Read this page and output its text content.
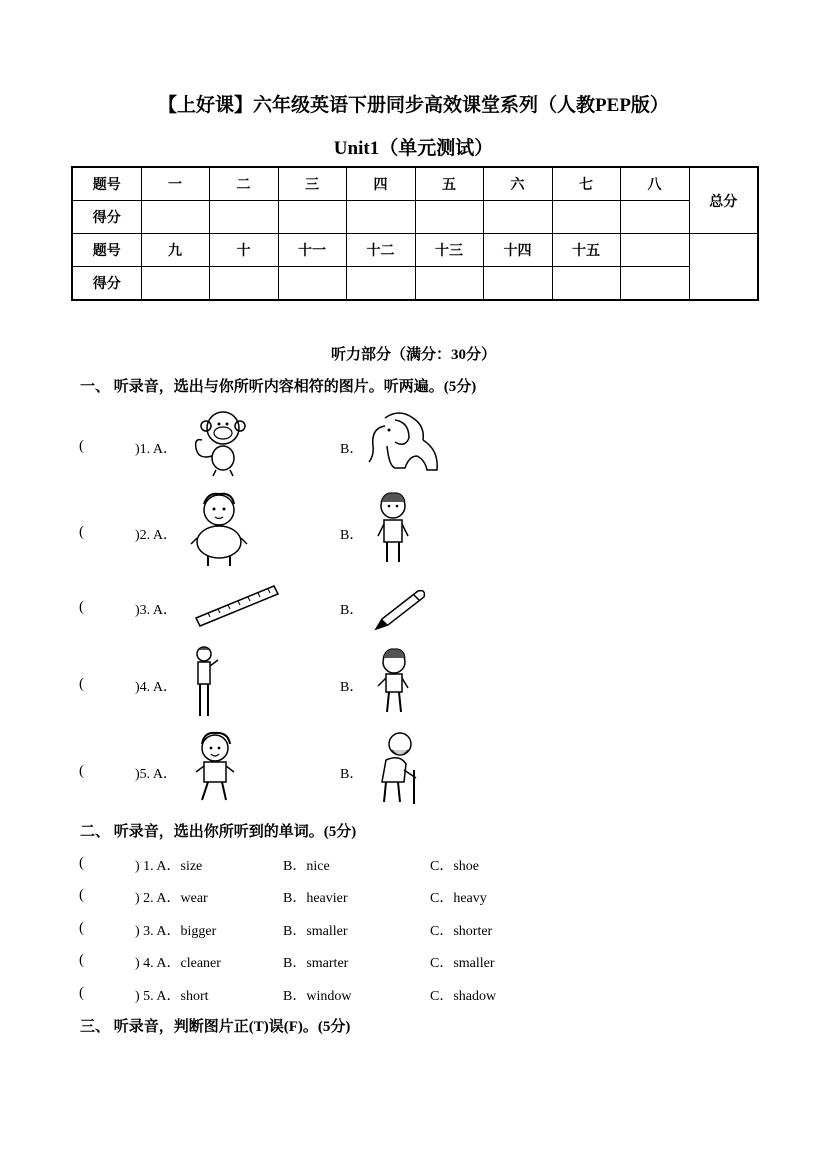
【上好课】六年级英语下册同步高效课堂系列（人教PEP版）
Unit1（单元测试）
题号	一	二	三	四	五	六	七	八	总分
得分									
题号	九	十	十一	十二	十三	十四	十五		
得分									
听力部分（满分：30分）
一、 听录音，选出与你所听内容相符的图片。听两遍。(5分)
(	)1. A．	B．
(	)2. A．	B．
(	)3. A．	B．
(	)4. A．	B．
(	)5. A．	B．
二、 听录音，选出你所听到的单词。(5分)
(	) 1. A．size	B．nice	C．shoe
(	) 2. A．wear	B．heavier	C．heavy
(	) 3. A．bigger	B．smaller	C．shorter
(	) 4. A．cleaner	B．smarter	C．smaller
(	) 5. A．short	B．window	C．shadow
三、 听录音，判断图片正(T)误(F)。(5分)
